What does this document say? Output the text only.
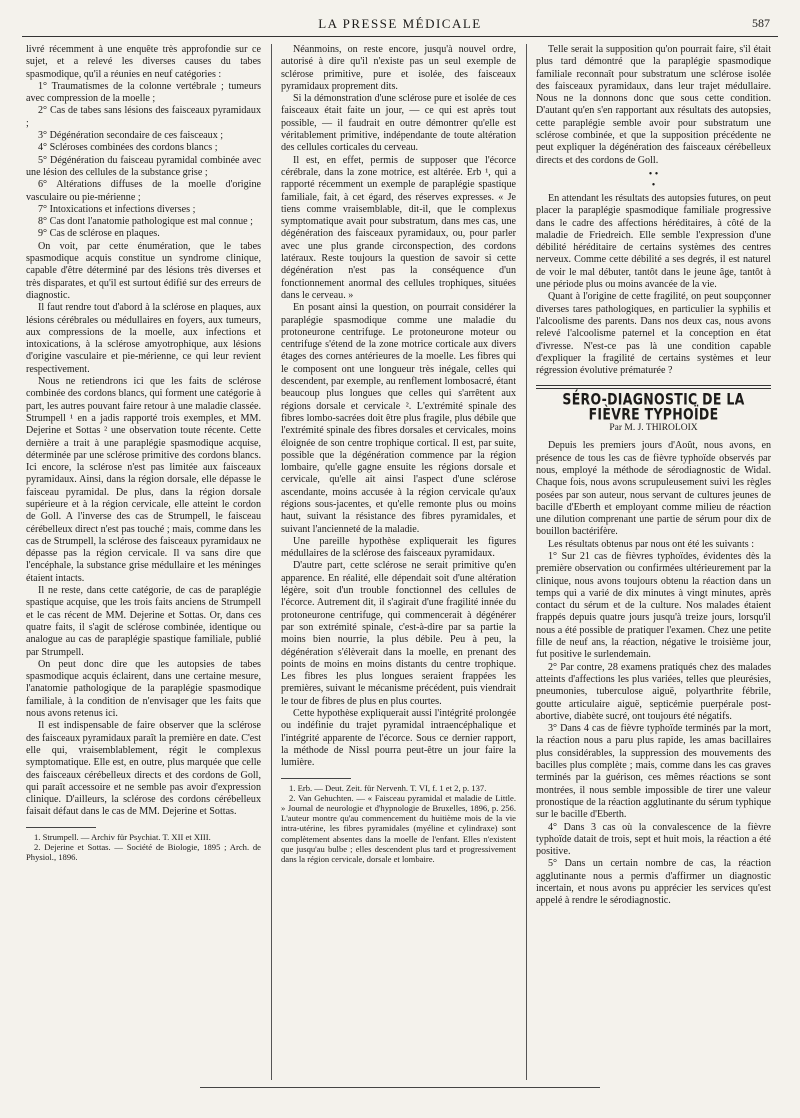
LA PRESSE MÉDICALE	587

livré récemment à une enquête très approfondie sur ce sujet, et a relevé les diverses causes du tabes spasmodique, qu'il a réunies en neuf catégories :

1° Traumatismes de la colonne vertébrale ; tumeurs avec compression de la moelle ;

2° Cas de tabes sans lésions des faisceaux pyramidaux ;

3° Dégénération secondaire de ces faisceaux ;

4° Scléroses combinées des cordons blancs ;

5° Dégénération du faisceau pyramidal combinée avec une lésion des cellules de la substance grise ;

6° Altérations diffuses de la moelle d'origine vasculaire ou pie-mérienne ;

7° Intoxications et infections diverses ;

8° Cas dont l'anatomie pathologique est mal connue ;

9° Cas de sclérose en plaques.

On voit, par cette énumération, que le tabes spasmodique acquis constitue un syndrome clinique, capable d'être déterminé par des lésions très diverses et très disparates, et qu'il est surtout édifié sur des erreurs de diagnostic.

Il faut rendre tout d'abord à la sclérose en plaques, aux lésions cérébrales ou médullaires en foyers, aux tumeurs, aux compressions de la moelle, aux infections et intoxications, à la sclérose amyotrophique, aux lésions d'origine vasculaire et pie-mérienne, ce qui leur revient respectivement.

Nous ne retiendrons ici que les faits de sclérose combinée des cordons blancs, qui forment une catégorie à part, les autres pouvant faire retour à une maladie classée. Strumpell ¹ en a jadis rapporté trois exemples, et MM. Dejerine et Sottas ² une observation toute récente. Cette dernière a trait à une paraplégie spasmodique acquise, déterminée par une sclérose primitive des cordons blancs. Ici encore, la sclérose n'est pas limitée aux faisceaux pyramidaux. Ainsi, dans la région dorsale, elle dépasse le faisceau pyramidal. De plus, dans la région dorsale supérieure et à la région cervicale, elle atteint le cordon de Goll. A l'inverse des cas de Strumpell, le faisceau cérébelleux direct n'est pas touché ; mais, comme dans les cas de Strumpell, la sclérose des faisceaux pyramidaux ne dépasse pas la région cervicale. Il va sans dire que l'encéphale, la substance grise médullaire et les méninges étaient intacts.

Il ne reste, dans cette catégorie, de cas de paraplégie spastique acquise, que les trois faits anciens de Strumpell et le cas récent de MM. Dejerine et Sottas. Or, dans ces quatre faits, il s'agit de sclérose combinée, identique ou analogue au cas de paraplégie spastique familiale, publié par Strumpell.

On peut donc dire que les autopsies de tabes spasmodique acquis éclairent, dans une certaine mesure, l'anatomie pathologique de la paraplégie spasmodique familiale, à la condition de n'envisager que les faits que nous avons retenus ici.

Il est indispensable de faire observer que la sclérose des faisceaux pyramidaux paraît la première en date. C'est elle qui, vraisemblablement, régit le complexus symptomatique. Elle est, en outre, plus marquée que celle des faisceaux cérébelleux directs et des cordons de Goll, qui paraît accessoire et ne semble pas avoir d'expression clinique. D'ailleurs, la sclérose des cordons cérébelleux faisait défaut dans le cas de MM. Dejerine et Sottas.

1. Strumpell. — Archiv für Psychiat. T. XII et XIII.

2. Dejerine et Sottas. — Société de Biologie, 1895 ; Arch. de Physiol., 1896.

Néanmoins, on reste encore, jusqu'à nouvel ordre, autorisé à dire qu'il n'existe pas un seul exemple de sclérose primitive, pure et isolée, des faisceaux pyramidaux proprement dits.

Si la démonstration d'une sclérose pure et isolée de ces faisceaux était faite un jour, — ce qui est après tout possible, — il faudrait en outre démontrer qu'elle est véritablement primitive, indépendante de toute altération des cellules corticales du cerveau.

Il est, en effet, permis de supposer que l'écorce cérébrale, dans la zone motrice, est altérée. Erb ¹, qui a rapporté récemment un exemple de paraplégie spastique familiale, fait, à cet égard, des réserves expresses. « Je tiens comme vraisemblable, dit-il, que le complexus symptomatique avait pour substratum, dans mes cas, une dégénération des faisceaux pyramidaux, ou, pour parler avec une plus grande circonspection, des cordons latéraux. Reste toujours la question de savoir si cette dégénération n'est pas la conséquence d'un fonctionnement anormal des cellules trophiques, situées dans le cerveau. »

En posant ainsi la question, on pourrait considérer la paraplégie spasmodique comme une maladie du protoneurone centrifuge. Le protoneurone moteur ou centrifuge s'étend de la zone motrice corticale aux divers étages des cornes antérieures de la moelle. Les fibres qui le composent ont une longueur très inégale, celles qui descendent, par exemple, au renflement lombosacré, étant beaucoup plus longues que celles qui s'arrêtent aux régions dorsale et cervicale ². L'extrémité spinale des fibres lombo-sacrées doit être plus fragile, plus débile que l'extrémité spinale des fibres dorsales et cervicales, moins éloignée de son centre trophique cortical. Il est, par suite, possible que la dégénération commence par la région lombaire, qu'elle gagne ensuite les régions dorsale et cervicale, qu'elle ait ainsi l'aspect d'une sclérose ascendante, moins accusée à la région cervicale qu'aux régions sous-jacentes, et qu'elle remonte plus ou moins haut, suivant la résistance des fibres pyramidales, et suivant l'ancienneté de la maladie.

Une pareille hypothèse expliquerait les figures médullaires de la sclérose des faisceaux pyramidaux.

D'autre part, cette sclérose ne serait primitive qu'en apparence. En réalité, elle dépendait soit d'une altération légère, soit d'un trouble fonctionnel des cellules de l'écorce. Autrement dit, il s'agirait d'une fragilité innée du protoneurone centrifuge, qui commencerait à dégénérer par son extrémité spinale, c'est-à-dire par sa partie la moins bien nourrie, la plus débile. Peu à peu, la dégénération s'élèverait dans la moelle, en prenant des points de moins en moins distants du centre trophique. Les fibres les plus longues seraient frappées les premières, suivant le mécanisme précédent, puis viendrait le tour de fibres de plus en plus courtes.

Cette hypothèse expliquerait aussi l'intégrité prolongée ou indéfinie du trajet pyramidal intraencéphalique et l'intégrité apparente de l'écorce. Sous ce dernier rapport, la méthode de Nissl pourra peut-être un jour faire la lumière.

1. Erb. — Deut. Zeit. für Nervenh. T. VI, f. 1 et 2, p. 137.

2. Van Gehuchten. — « Faisceau pyramidal et maladie de Little. » Journal de neurologie et d'hypnologie de Bruxelles, 1896, p. 256. L'auteur montre qu'au commencement du huitième mois de la vie intra-utérine, les fibres pyramidales (myéline et cylindraxe) sont complètement absentes dans la moelle de l'enfant. Elles n'existent que jusqu'au bulbe ; elles descendent plus tard et progressivement dans la région cervicale, dorsale et lombaire.

Telle serait la supposition qu'on pourrait faire, s'il était plus tard démontré que la paraplégie spasmodique familiale reconnaît pour substratum une sclérose isolée des faisceaux pyramidaux, dans leur trajet médullaire. Nous ne la donnons donc que sous cette condition. D'autant qu'en s'en rapportant aux résultats des autopsies, cette paraplégie semble avoir pour substratum une sclérose combinée, et que la supposition précédente ne peut expliquer la dégénération des faisceaux cérébelleux directs et des cordons de Goll.

• •
•

En attendant les résultats des autopsies futures, on peut placer la paraplégie spasmodique familiale progressive dans le cadre des affections héréditaires, à côté de la maladie de Friedreich. Elle semble l'expression d'une débilité héréditaire de certains systèmes des centres nerveux. Comme cette débilité a ses degrés, il est naturel de voir le mal débuter, tantôt dans le jeune âge, tantôt à une période plus ou moins avancée de la vie.

Quant à l'origine de cette fragilité, on peut soupçonner diverses tares pathologiques, en particulier la syphilis et l'alcoolisme des parents. Dans nos deux cas, nous avons relevé l'alcoolisme paternel et la conception en état d'ivresse. N'est-ce pas là une condition capable d'expliquer la fragilité de certains systèmes et leur régression évolutive prématurée ?

SÉRO-DIAGNOSTIC DE LA FIÈVRE TYPHOÏDE
Par M. J. THIROLOIX

Depuis les premiers jours d'Août, nous avons, en présence de tous les cas de fièvre typhoïde observés par nous, employé la méthode de sérodiagnostic de Widal. Chaque fois, nous avons scrupuleusement suivi les règles posées par son auteur, nous servant de cultures jeunes de bacille d'Eberth et employant comme milieu de réaction une dilution comprenant une partie de sérum pour dix de bouillon bactérifère.

Les résultats obtenus par nous ont été les suivants :

1° Sur 21 cas de fièvres typhoïdes, évidentes dès la première observation ou confirmées ultérieurement par la clinique, nous avons toujours obtenu la réaction dans un temps qui a varié de dix minutes à vingt minutes, après contact du sérum et de la culture. Nos malades étaient frappés depuis quatre jours jusqu'à treize jours, lorsqu'il nous a été possible de pratiquer l'examen. Chez une petite fille de neuf ans, la réaction, négative le troisième jour, fut positive le surlendemain.

2° Par contre, 28 examens pratiqués chez des malades atteints d'affections les plus variées, telles que pleurésies, pneumonies, tuberculose aiguë, polyarthrite fébrile, goutte articulaire aiguë, septicémie puerpérale post-abortive, diabète sucré, ont toujours été négatifs.

3° Dans 4 cas de fièvre typhoïde terminés par la mort, la réaction nous a paru plus rapide, les amas bacillaires plus considérables, la suppression des mouvements des bacilles plus complète ; mais, comme dans les cas graves terminés par la guérison, ces mêmes réactions se sont montrées, il nous semble impossible de tirer une valeur pronostique de la réaction agglutinante du sérum typhique sur le bacille d'Eberth.

4° Dans 3 cas où la convalescence de la fièvre typhoïde datait de trois, sept et huit mois, la réaction a été positive.

5° Dans un certain nombre de cas, la réaction agglutinante nous a permis d'affirmer un diagnostic incertain, et nous avons pu apprécier les services qu'est appelé à rendre le sérodiagnostic.
